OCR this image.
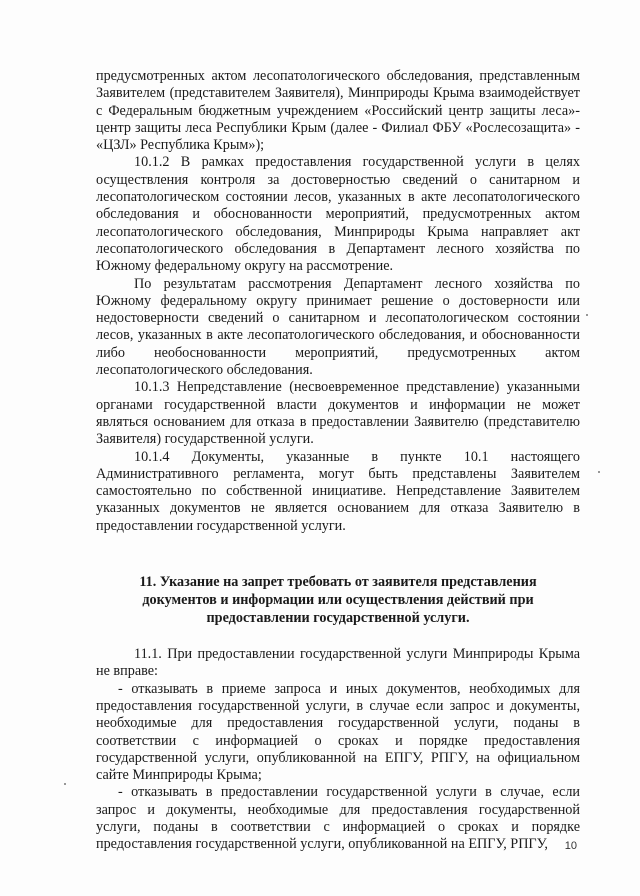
предусмотренных актом лесопатологического обследования, представленным Заявителем (представителем Заявителя), Минприроды Крыма взаимодействует с Федеральным бюджетным учреждением «Российский центр защиты леса»-центр защиты леса Республики Крым (далее - Филиал ФБУ «Рослесозащита» - «ЦЗЛ» Республика Крым»);

10.1.2 В рамках предоставления государственной услуги в целях осуществления контроля за достоверностью сведений о санитарном и лесопатологическом состоянии лесов, указанных в акте лесопатологического обследования и обоснованности мероприятий, предусмотренных актом лесопатологического обследования, Минприроды Крыма направляет акт лесопатологического обследования в Департамент лесного хозяйства по Южному федеральному округу на рассмотрение.

По результатам рассмотрения Департамент лесного хозяйства по Южному федеральному округу принимает решение о достоверности или недостоверности сведений о санитарном и лесопатологическом состоянии лесов, указанных в акте лесопатологического обследования, и обоснованности либо необоснованности мероприятий, предусмотренных актом лесопатологического обследования.

10.1.3 Непредставление (несвоевременное представление) указанными органами государственной власти документов и информации не может являться основанием для отказа в предоставлении Заявителю (представителю Заявителя) государственной услуги.

10.1.4 Документы, указанные в пункте 10.1 настоящего Административного регламента, могут быть представлены Заявителем самостоятельно по собственной инициативе. Непредставление Заявителем указанных документов не является основанием для отказа Заявителю в предоставлении государственной услуги.

11. Указание на запрет требовать от заявителя представления документов и информации или осуществления действий при предоставлении государственной услуги.

11.1. При предоставлении государственной услуги Минприроды Крыма не вправе:

- отказывать в приеме запроса и иных документов, необходимых для предоставления государственной услуги, в случае если запрос и документы, необходимые для предоставления государственной услуги, поданы в соответствии с информацией о сроках и порядке предоставления государственной услуги, опубликованной на ЕПГУ, РПГУ, на официальном сайте Минприроды Крыма;

- отказывать в предоставлении государственной услуги в случае, если запрос и документы, необходимые для предоставления государственной услуги, поданы в соответствии с информацией о сроках и порядке предоставления государственной услуги, опубликованной на ЕПГУ, РПГУ,	10
